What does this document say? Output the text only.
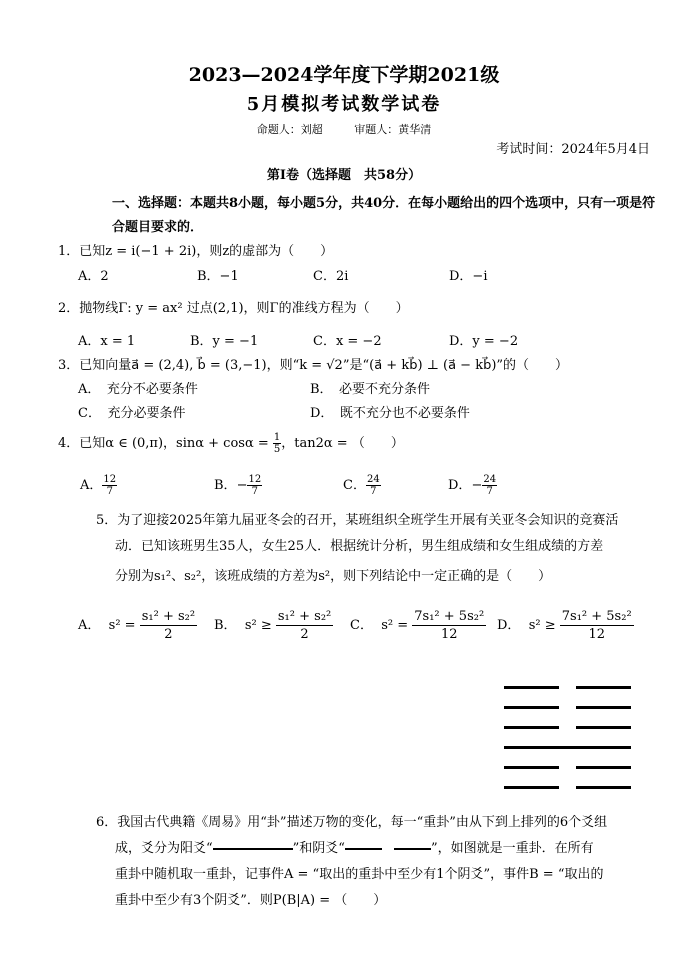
2023—2024学年度下学期2021级
5月模拟考试数学试卷
命题人：刘超	审题人：黄华清
考试时间：2024年5月4日
第Ⅰ卷（选择题　共58分）
一、选择题：本题共8小题，每小题5分，共40分．在每小题给出的四个选项中，只有一项是符合题目要求的．
1．已知z = i(−1 + 2i)，则z的虚部为（　　）
A．2	B．−1	C．2i	D．−i
2．抛物线Γ: y = ax² 过点(2,1)，则Γ的准线方程为（　　）
A．x = 1	B．y = −1	C．x = −2	D．y = −2
3．已知向量a⃗ = (2,4), b⃗ = (3,−1)，则“k = √2”是“(a⃗ + kb⃗) ⊥ (a⃗ − kb⃗)”的（　　）
A．　充分不必要条件	B．　必要不充分条件
C．　充分必要条件	D．　既不充分也不必要条件
4．已知α ∈ (0,π)，$\sin\alpha + \cos\alpha = \frac{1}{5}$ ，tan2α = （　　）
A． $\frac{12}{7}$	B．− $\frac{12}{7}$	C． $\frac{24}{7}$	D．− $\frac{24}{7}$
5．为了迎接2025年第九届亚冬会的召开，某班组织全班学生开展有关亚冬会知识的竞赛活
动．已知该班男生35人，女生25人．根据统计分析，男生组成绩和女生组成绩的方差
分别为s₁²、s₂²，该班成绩的方差为s²，则下列结论中一定正确的是（　　）
A． $s^2 = \frac{\text{s₁² + s₂²}}{2}$ B． $s^2 \ge \frac{\text{s₁² + s₂²}}{2}$ C． $s^2 = \frac{\text{7s₁² + 5s₂²}}{12}$ D． $s^2 \ge \frac{\text{7s₁² + 5s₂²}}{12}$
6．我国古代典籍《周易》用“卦”描述万物的变化，每一“重卦”由从下到上排列的6个爻组
成，爻分为阳爻“	”和阴爻“	”，如图就是一重卦．在所有
重卦中随机取一重卦，记事件A = “取出的重卦中至少有1个阴爻”，事件B = “取出的
重卦中至少有3个阴爻”．则P(B|A) = （　　）
